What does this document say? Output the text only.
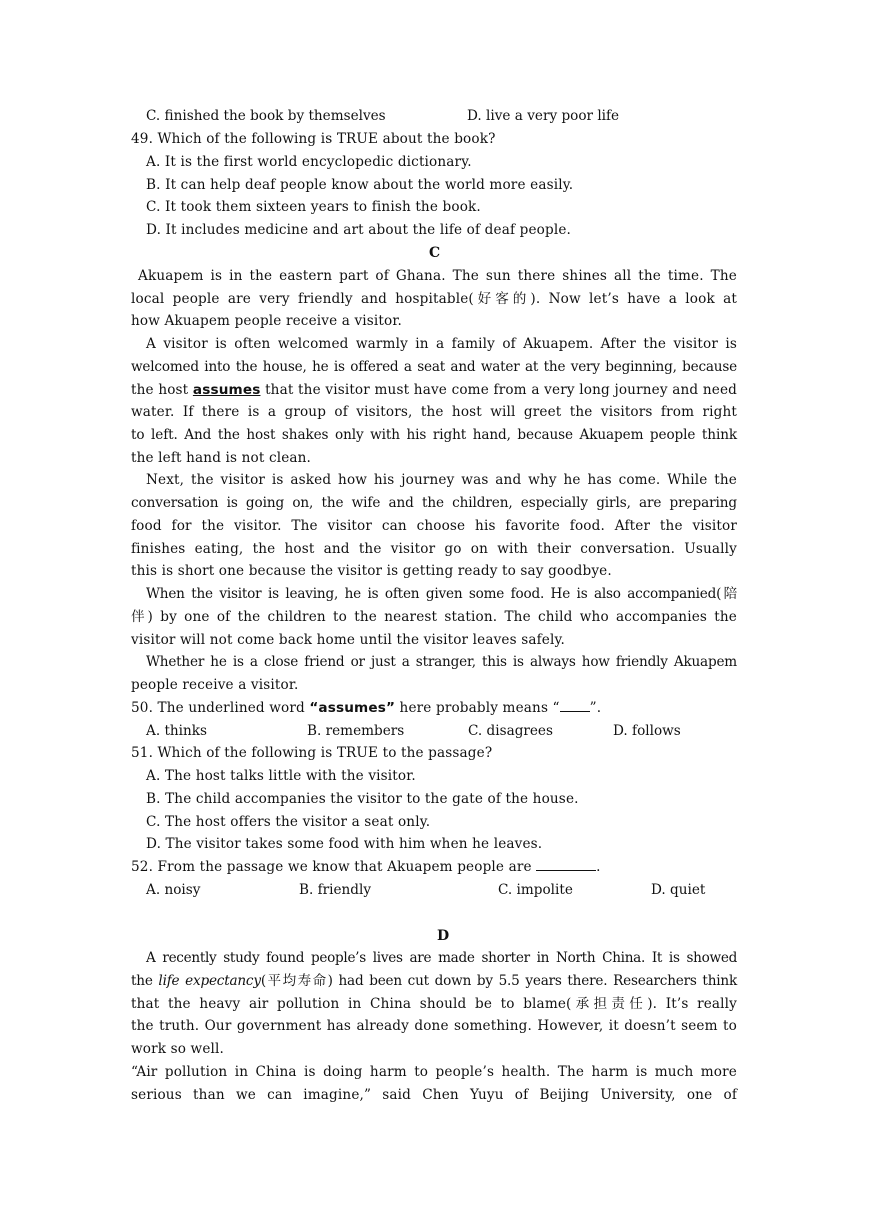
C. finished the book by themselves	D. live a very poor life
49. Which of the following is TRUE about the book?
A. It is the first world encyclopedic dictionary.
B. It can help deaf people know about the world more easily.
C. It took them sixteen years to finish the book.
D. It includes medicine and art about the life of deaf people.
C
Akuapem is in the eastern part of Ghana. The sun there shines all the time. The
local people are very friendly and hospitable(好客的). Now let’s have a look at
how Akuapem people receive a visitor.
A visitor is often welcomed warmly in a family of Akuapem. After the visitor is
welcomed into the house, he is offered a seat and water at the very beginning, because
the host assumes that the visitor must have come from a very long journey and need
water. If there is a group of visitors, the host will greet the visitors from right
to left. And the host shakes only with his right hand, because Akuapem people think
the left hand is not clean.
Next, the visitor is asked how his journey was and why he has come. While the
conversation is going on, the wife and the children, especially girls, are preparing
food for the visitor. The visitor can choose his favorite food. After the visitor
finishes eating, the host and the visitor go on with their conversation. Usually
this is short one because the visitor is getting ready to say goodbye.
When the visitor is leaving, he is often given some food. He is also accompanied(陪
伴) by one of the children to the nearest station. The child who accompanies the
visitor will not come back home until the visitor leaves safely.
Whether he is a close friend or just a stranger, this is always how friendly Akuapem
people receive a visitor.
50. The underlined word “assumes” here probably means “ ”.
A. thinks	B. remembers	C. disagrees	D. follows
51. Which of the following is TRUE to the passage?
A. The host talks little with the visitor.
B. The child accompanies the visitor to the gate of the house.
C. The host offers the visitor a seat only.
D. The visitor takes some food with him when he leaves.
52. From the passage we know that Akuapem people are	.
A. noisy	B. friendly	C. impolite	D. quiet
D
A recently study found people’s lives are made shorter in North China. It is showed
the life expectancy(平均寿命) had been cut down by 5.5 years there. Researchers think
that the heavy air pollution in China should be to blame(承担责任). It’s really
the truth. Our government has already done something. However, it doesn’t seem to
work so well.
“Air pollution in China is doing harm to people’s health. The harm is much more
serious than we can imagine,” said Chen Yuyu of Beijing University, one of
